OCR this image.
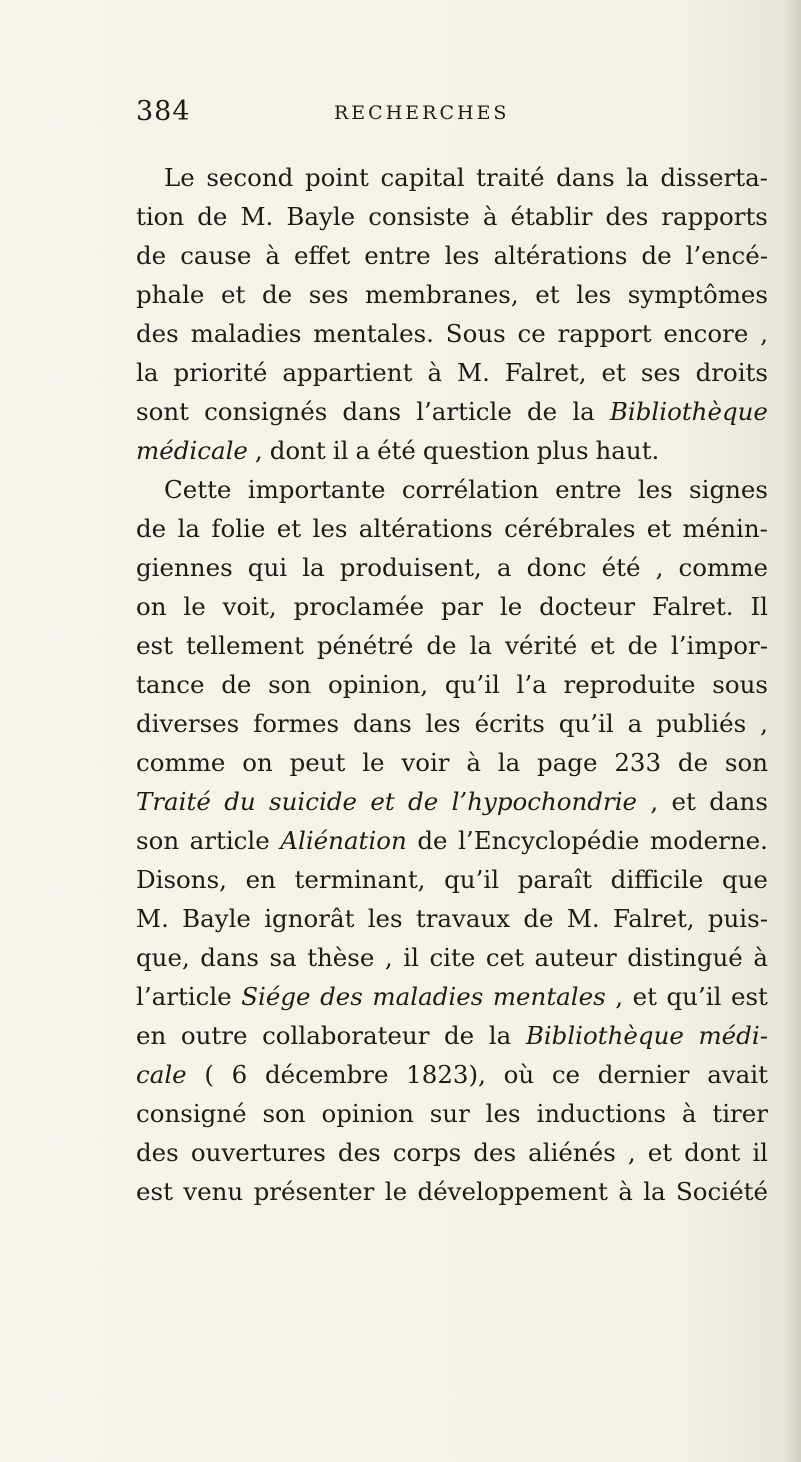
384	RECHERCHES
Le second point capital traité dans la disserta-
tion de M. Bayle consiste à établir des rapports
de cause à effet entre les altérations de l’encé-
phale et de ses membranes, et les symptômes
des maladies mentales. Sous ce rapport encore ,
la priorité appartient à M. Falret, et ses droits
sont consignés dans l’article de la Bibliothèque
médicale , dont il a été question plus haut.
Cette importante corrélation entre les signes
de la folie et les altérations cérébrales et ménin-
giennes qui la produisent, a donc été , comme
on le voit, proclamée par le docteur Falret. Il
est tellement pénétré de la vérité et de l’impor-
tance de son opinion, qu’il l’a reproduite sous
diverses formes dans les écrits qu’il a publiés ,
comme on peut le voir à la page 233 de son
Traité du suicide et de l’hypochondrie , et dans
son article Aliénation de l’Encyclopédie moderne.
Disons, en terminant, qu’il paraît difficile que
M. Bayle ignorât les travaux de M. Falret, puis-
que, dans sa thèse , il cite cet auteur distingué à
l’article Siége des maladies mentales , et qu’il est
en outre collaborateur de la Bibliothèque médi-
cale ( 6 décembre 1823), où ce dernier avait
consigné son opinion sur les inductions à tirer
des ouvertures des corps des aliénés , et dont il
est venu présenter le développement à la Société
